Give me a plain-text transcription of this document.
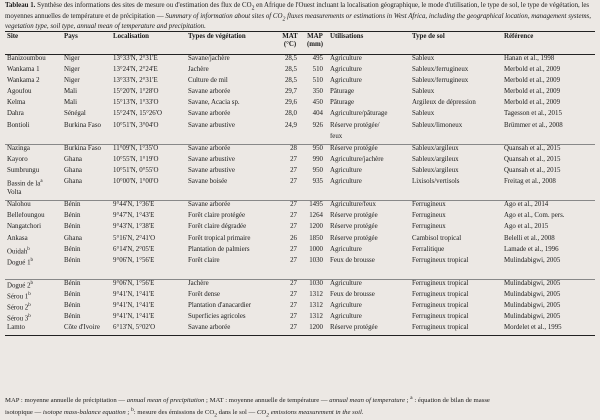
Tableau 1. Synthèse des informations des sites de mesure ou d'estimation des flux de $CO_2$ en Afrique de l'Ouest incluant la localisation géographique, le mode d'utilisation, le type de sol, le type de végétation, les moyennes annuelles de température et de précipitation — Summary of information about sites of $CO_2$ fluxes measurements or estimations in West Africa, including the geographical location, management systems, vegetation type, soil type, annual mean of temperature and precipitation.
Site	Pays	Localisation	Types de végétation	MAT
(°C)	MAP
(mm)	Utilisations	Type de sol	Référence
Banizoumbou	Niger	13°33'N, 2°31'E	Savane/jachère	28,5	495	Agriculture	Sableux	Hanan et al., 1998
Wankama 1	Niger	13°24'N, 2°24'E	Jachère	28,5	510	Agriculture	Sableux/ferrugineux	Merbold et al., 2009
Wankama 2	Niger	13°33'N, 2°31'E	Culture de mil	28,5	510	Agriculture	Sableux/ferrugineux	Merbold et al., 2009
Agoufou	Mali	15°20'N, 1°28'O	Savane arborée	29,7	350	Pâturage	Sableux	Merbold et al., 2009
Kelma	Mali	15°13'N, 1°33'O	Savane, Acacia sp.	29,6	450	Pâturage	Argileux de dépression	Merbold et al., 2009
Dahra	Sénégal	15°24'N, 15°26'O	Savane arborée	28,0	404	Agriculture/pâturage	Sableux	Tagesson et al., 2015
Bontioli	Burkina Faso	10°51'N, 3°04'O	Savane arbustive	24,9	926	Réserve protégée/	Sableux/limoneux	Brümmer et al., 2008
						feux		
Nazinga	Burkina Faso	11°09'N, 1°35'O	Savane arborée	28	950	Réserve protégée	Sableux/argileux	Quansah et al., 2015
Kayoro	Ghana	10°55'N, 1°19'O	Savane arbustive	27	990	Agriculture/jachère	Sableux/argileux	Quansah et al., 2015
Sumbrungu	Ghana	10°51'N, 0°55'O	Savane arbustive	27	950	Agriculture	Sableux/argileux	Quansah et al., 2015
Bassin de $la^a$	Ghana	10°00'N, 1°00'O	Savane boisée	27	935	Agriculture	Lixisols/vertisols	Freitag et al., 2008
Volta								
Nalohou	Bénin	9°44'N, 1°36'E	Savane arborée	27	1495	Agriculture/feux	Ferrugineux	Ago et al., 2014
Bellefoungou	Bénin	9°47'N, 1°43'E	Forêt claire protégée	27	1264	Réserve protégée	Ferrugineux	Ago et al., Com. pers.
Nangatchori	Bénin	9°43'N, 1°38'E	Forêt claire dégradée	27	1200	Réserve protégée	Ferrugineux	Ago et al., 2015
Ankasa	Ghana	5°16'N, 2°41'O	Forêt tropical primaire	26	1850	Réserve protégée	Cambisol tropical	Belelli et al., 2008
Ouidah$^b$	Bénin	6°14'N, 2°05'E	Plantation de palmiers	27	1000	Agriculture	Ferralitique	Lamade et al., 1996
Dogué 1$^b$	Bénin	9°06'N, 1°56'E	Forêt claire	27	1030	Feux de brousse	Ferrugineux tropical	Mulindabigwi, 2005

Dogué 2$^b$	Bénin	9°06'N, 1°56'E	Jachère	27	1030	Agriculture	Ferrugineux tropical	Mulindabigwi, 2005
Sérou 1$^b$	Bénin	9°41'N, 1°41'E	Forêt dense	27	1312	Feux de brousse	Ferrugineux tropical	Mulindabigwi, 2005
Sérou 2$^b$	Bénin	9°41'N, 1°41'E	Plantation d'anacardier	27	1312	Agriculture	Ferrugineux tropical	Mulindabigwi, 2005
Sérou 3$^b$	Bénin	9°41'N, 1°41'E	Superficies agricoles	27	1312	Agriculture	Ferrugineux tropical	Mulindabigwi, 2005
Lamto	Côte d'Ivoire	6°13'N, 5°02'O	Savane arborée	27	1200	Réserve protégée	Ferrugineux tropical	Mordelet et al., 1995
MAP : moyenne annuelle de précipitation — annual mean of precipitation ; MAT : moyenne annuelle de température — annual mean of temperature ; $^a$ : équation de bilan de masse
isotopique — isotope mass-balance equation ; $^b$: mesure des émissions de $CO_2$ dans le sol — $CO_2$ emissions measurement in the soil.
